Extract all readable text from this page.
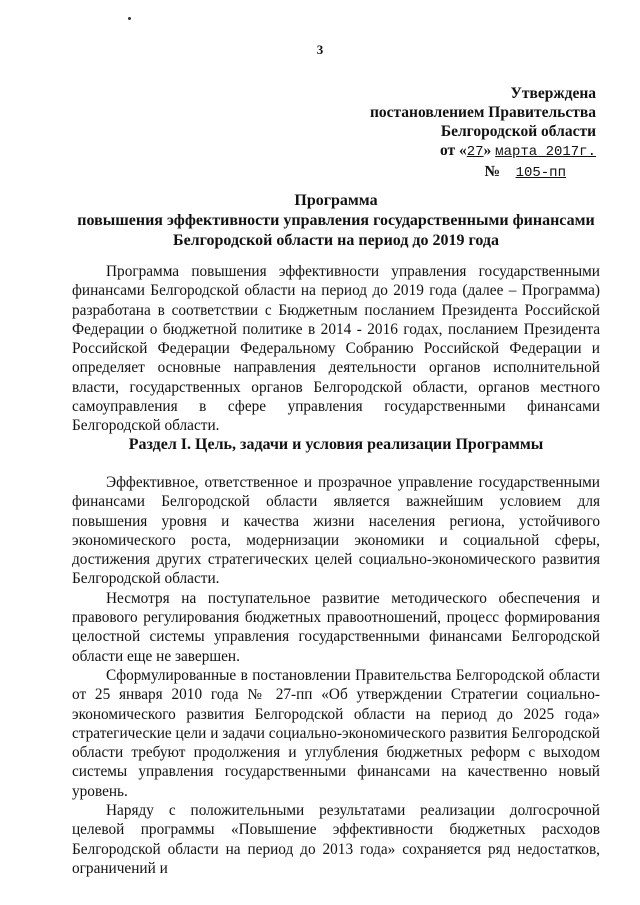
3
Утверждена
постановлением Правительства
Белгородской области
от «27» марта 2017г.
№ 105-пп
Программа
повышения эффективности управления государственными финансами
Белгородской области на период до 2019 года

Программа повышения эффективности управления государственными финансами Белгородской области на период до 2019 года (далее – Программа) разработана в соответствии с Бюджетным посланием Президента Российской Федерации о бюджетной политике в 2014 - 2016 годах, посланием Президента Российской Федерации Федеральному Собранию Российской Федерации и определяет основные направления деятельности органов исполнительной власти, государственных органов Белгородской области, органов местного самоуправления в сфере управления государственными финансами Белгородской области.

Раздел I. Цель, задачи и условия реализации Программы

Эффективное, ответственное и прозрачное управление государственными финансами Белгородской области является важнейшим условием для повышения уровня и качества жизни населения региона, устойчивого экономического роста, модернизации экономики и социальной сферы, достижения других стратегических целей социально-экономического развития Белгородской области.

Несмотря на поступательное развитие методического обеспечения и правового регулирования бюджетных правоотношений, процесс формирования целостной системы управления государственными финансами Белгородской области еще не завершен.

Сформулированные в постановлении Правительства Белгородской области от 25 января 2010 года № 27-пп «Об утверждении Стратегии социально-экономического развития Белгородской области на период до 2025 года» стратегические цели и задачи социально-экономического развития Белгородской области требуют продолжения и углубления бюджетных реформ с выходом системы управления государственными финансами на качественно новый уровень.

Наряду с положительными результатами реализации долгосрочной целевой программы «Повышение эффективности бюджетных расходов Белгородской области на период до 2013 года» сохраняется ряд недостатков, ограничений и
